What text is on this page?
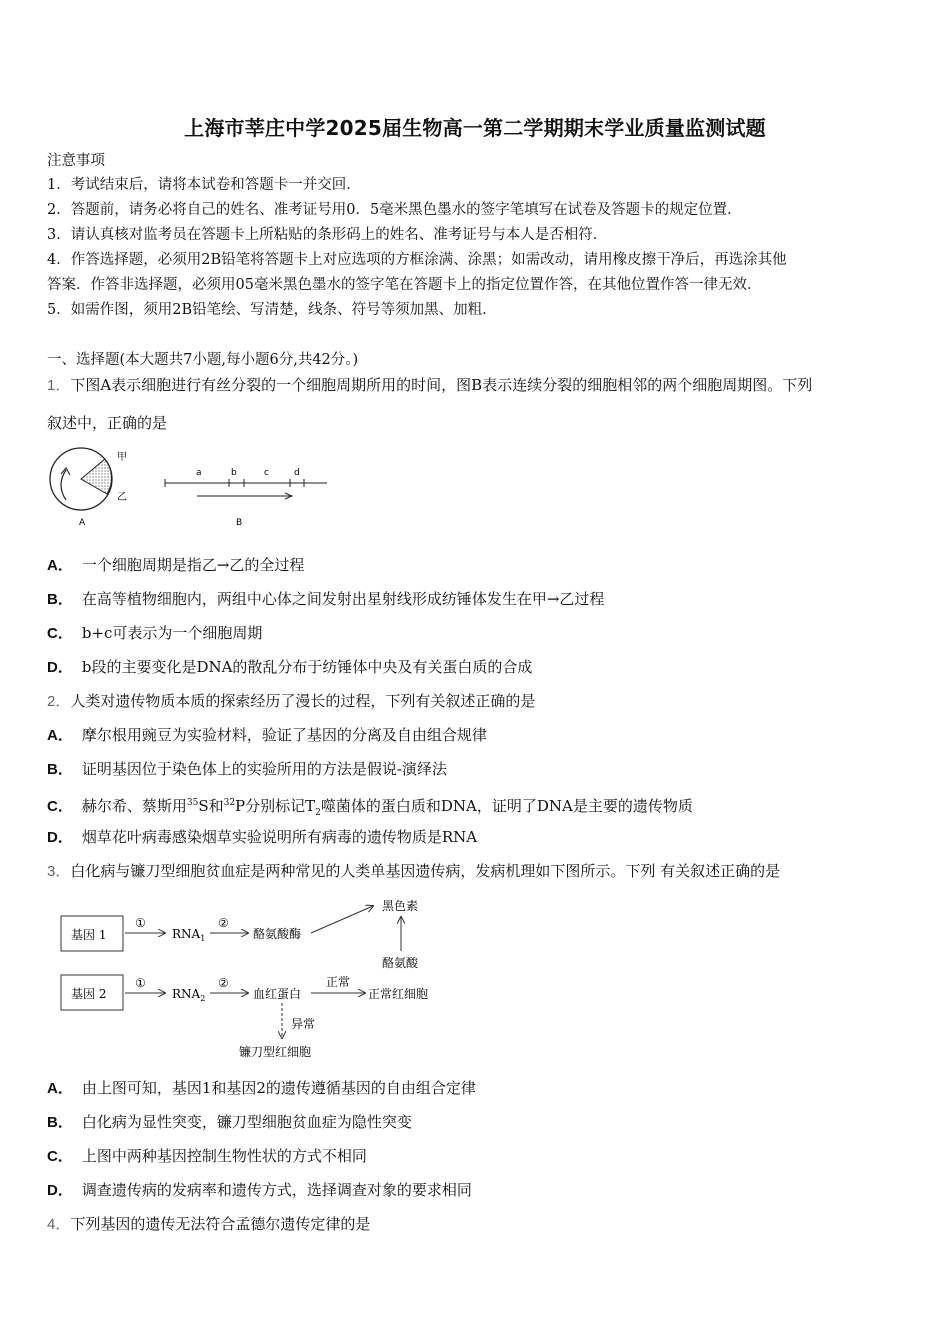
上海市莘庄中学2025届生物高一第二学期期末学业质量监测试题
注意事项
1．考试结束后，请将本试卷和答题卡一并交回．
2．答题前，请务必将自己的姓名、准考证号用0．5毫米黑色墨水的签字笔填写在试卷及答题卡的规定位置．
3．请认真核对监考员在答题卡上所粘贴的条形码上的姓名、准考证号与本人是否相符．
4．作答选择题，必须用2B铅笔将答题卡上对应选项的方框涂满、涂黑；如需改动，请用橡皮擦干净后，再选涂其他
答案．作答非选择题，必须用05毫米黑色墨水的签字笔在答题卡上的指定位置作答，在其他位置作答一律无效．
5．如需作图，须用2B铅笔绘、写清楚，线条、符号等须加黑、加粗．
一、选择题(本大题共7小题,每小题6分,共42分。)
1．下图A表示细胞进行有丝分裂的一个细胞周期所用的时间，图B表示连续分裂的细胞相邻的两个细胞周期图。下列
叙述中，正确的是
甲
乙
A
a	b	c	d
B
A． 一个细胞周期是指乙→乙的全过程
B． 在高等植物细胞内，两组中心体之间发射出星射线形成纺锤体发生在甲→乙过程
C． b+c可表示为一个细胞周期
D． b段的主要变化是DNA的散乱分布于纺锤体中央及有关蛋白质的合成
2．人类对遗传物质本质的探索经历了漫长的过程，下列有关叙述正确的是
A． 摩尔根用豌豆为实验材料，验证了基因的分离及自由组合规律
B． 证明基因位于染色体上的实验所用的方法是假说-演绎法
C． 赫尔希、蔡斯用$^{35}$S和$^{32}$P分别标记$T_2$噬菌体的蛋白质和DNA，证明了DNA是主要的遗传物质
D． 烟草花叶病毒感染烟草实验说明所有病毒的遗传物质是RNA
3．白化病与镰刀型细胞贫血症是两种常见的人类单基因遗传病，发病机理如下图所示。下列 有关叙述正确的是
基因 1
①
$RNA_1$
②
酪氨酸酶
黑色素
酪氨酸
基因 2
①
$RNA_2$
②
血红蛋白
正常
正常红细胞
异常
镰刀型红细胞
A． 由上图可知，基因1和基因2的遗传遵循基因的自由组合定律
B． 白化病为显性突变，镰刀型细胞贫血症为隐性突变
C． 上图中两种基因控制生物性状的方式不相同
D． 调查遗传病的发病率和遗传方式，选择调查对象的要求相同
4．下列基因的遗传无法符合孟德尔遗传定律的是
